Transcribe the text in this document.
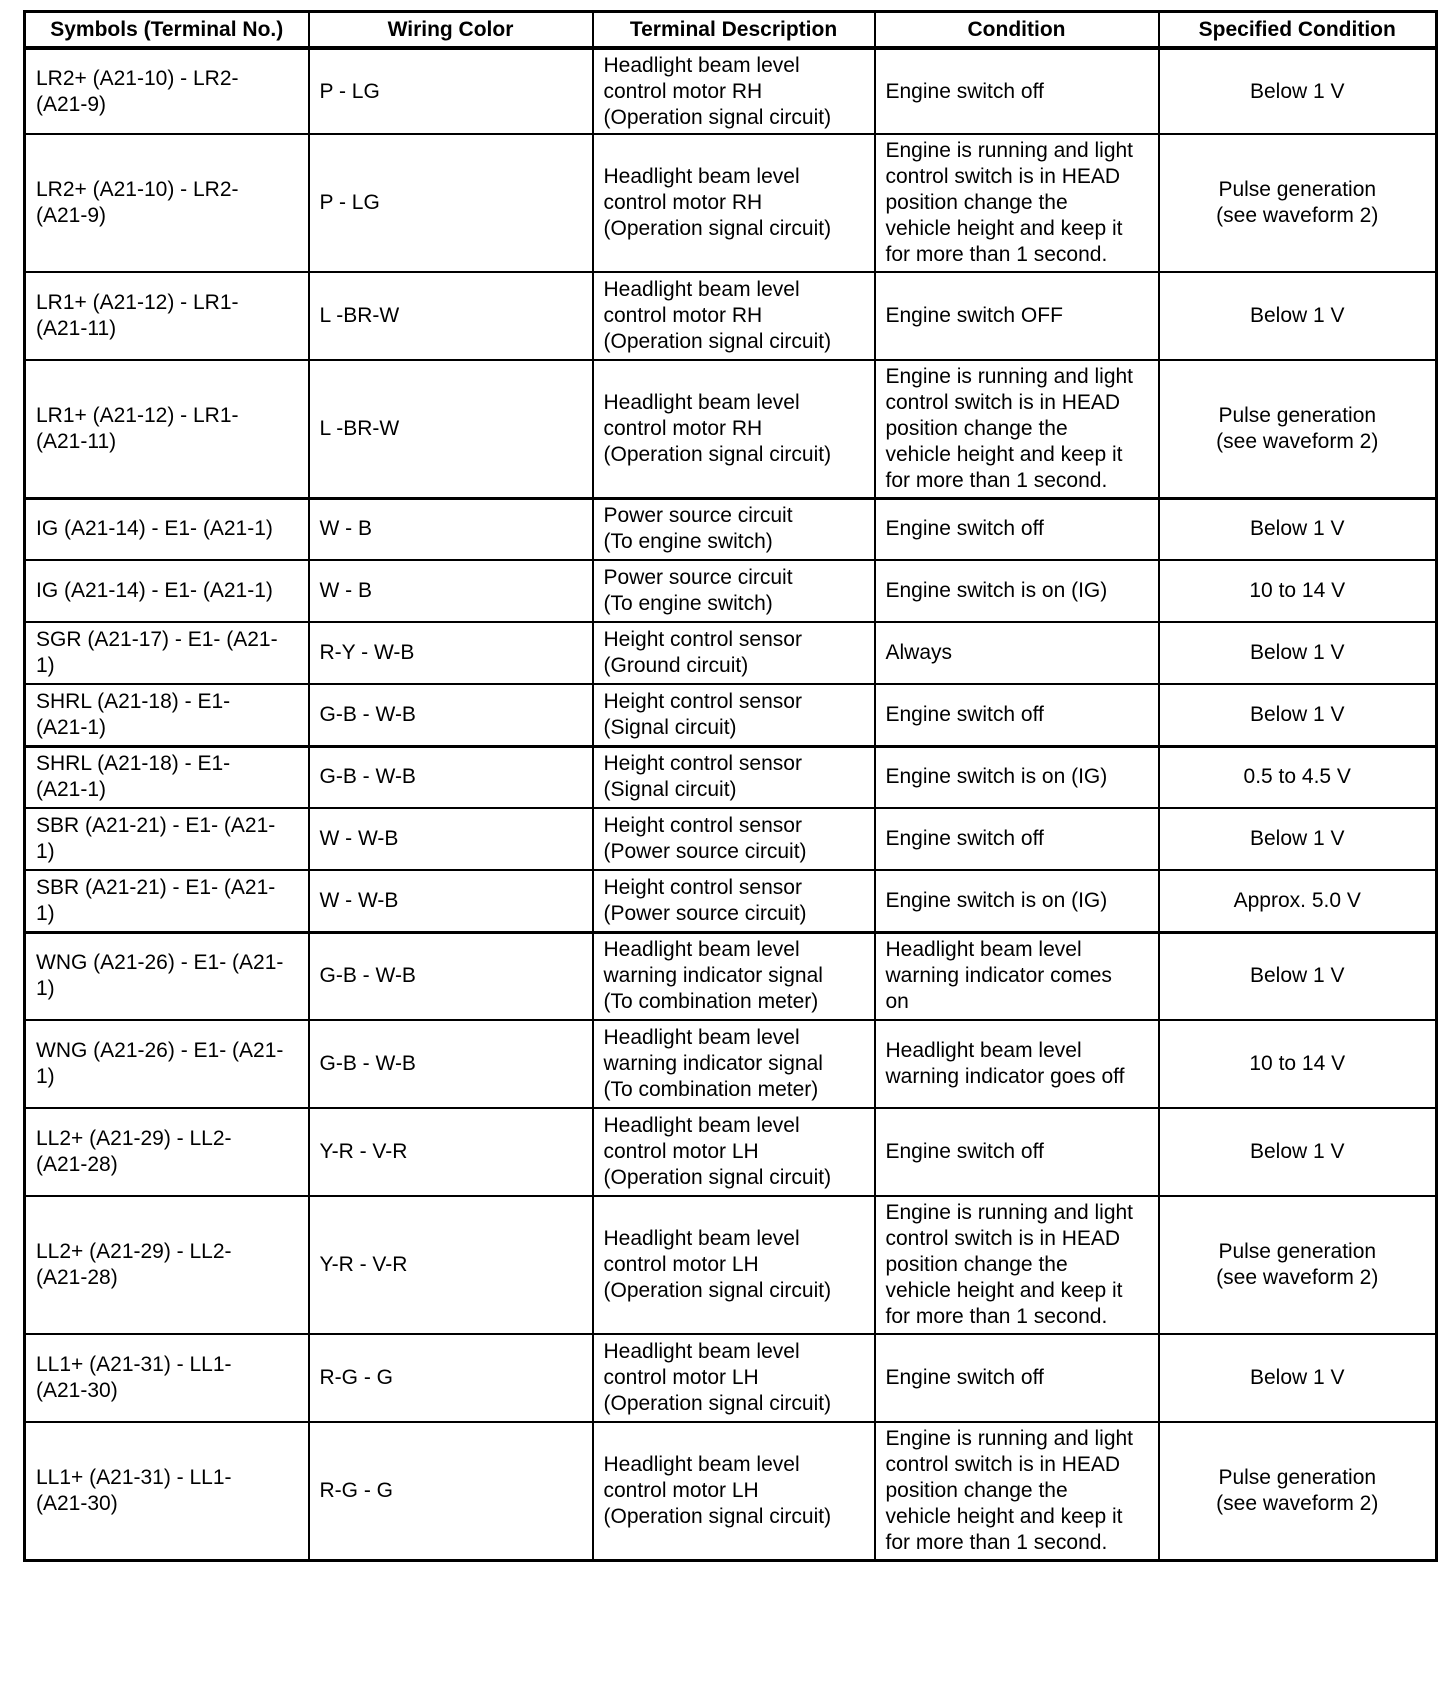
Symbols (Terminal No.)	Wiring Color	Terminal Description	Condition	Specified Condition

LR2+ (A21-10) - LR2-
(A21-9)	P - LG	Headlight beam level
control motor RH
(Operation signal circuit)	Engine switch off	Below 1 V

LR2+ (A21-10) - LR2-
(A21-9)	P - LG	Headlight beam level
control motor RH
(Operation signal circuit)	Engine is running and light
control switch is in HEAD
position change the
vehicle height and keep it
for more than 1 second.	Pulse generation
(see waveform 2)

LR1+ (A21-12) - LR1-
(A21-11)	L -BR-W	Headlight beam level
control motor RH
(Operation signal circuit)	Engine switch OFF	Below 1 V

LR1+ (A21-12) - LR1-
(A21-11)	L -BR-W	Headlight beam level
control motor RH
(Operation signal circuit)	Engine is running and light
control switch is in HEAD
position change the
vehicle height and keep it
for more than 1 second.	Pulse generation
(see waveform 2)

IG (A21-14) - E1- (A21-1)	W - B	Power source circuit
(To engine switch)	Engine switch off	Below 1 V

IG (A21-14) - E1- (A21-1)	W - B	Power source circuit
(To engine switch)	Engine switch is on (IG)	10 to 14 V

SGR (A21-17) - E1- (A21-
1)	R-Y - W-B	Height control sensor
(Ground circuit)	Always	Below 1 V

SHRL (A21-18) - E1-
(A21-1)	G-B - W-B	Height control sensor
(Signal circuit)	Engine switch off	Below 1 V

SHRL (A21-18) - E1-
(A21-1)	G-B - W-B	Height control sensor
(Signal circuit)	Engine switch is on (IG)	0.5 to 4.5 V

SBR (A21-21) - E1- (A21-
1)	W - W-B	Height control sensor
(Power source circuit)	Engine switch off	Below 1 V

SBR (A21-21) - E1- (A21-
1)	W - W-B	Height control sensor
(Power source circuit)	Engine switch is on (IG)	Approx. 5.0 V

WNG (A21-26) - E1- (A21-
1)	G-B - W-B	Headlight beam level
warning indicator signal
(To combination meter)	Headlight beam level
warning indicator comes
on	Below 1 V

WNG (A21-26) - E1- (A21-
1)	G-B - W-B	Headlight beam level
warning indicator signal
(To combination meter)	Headlight beam level
warning indicator goes off	10 to 14 V

LL2+ (A21-29) - LL2-
(A21-28)	Y-R - V-R	Headlight beam level
control motor LH
(Operation signal circuit)	Engine switch off	Below 1 V

LL2+ (A21-29) - LL2-
(A21-28)	Y-R - V-R	Headlight beam level
control motor LH
(Operation signal circuit)	Engine is running and light
control switch is in HEAD
position change the
vehicle height and keep it
for more than 1 second.	Pulse generation
(see waveform 2)

LL1+ (A21-31) - LL1-
(A21-30)	R-G - G	Headlight beam level
control motor LH
(Operation signal circuit)	Engine switch off	Below 1 V

LL1+ (A21-31) - LL1-
(A21-30)	R-G - G	Headlight beam level
control motor LH
(Operation signal circuit)	Engine is running and light
control switch is in HEAD
position change the
vehicle height and keep it
for more than 1 second.	Pulse generation
(see waveform 2)
